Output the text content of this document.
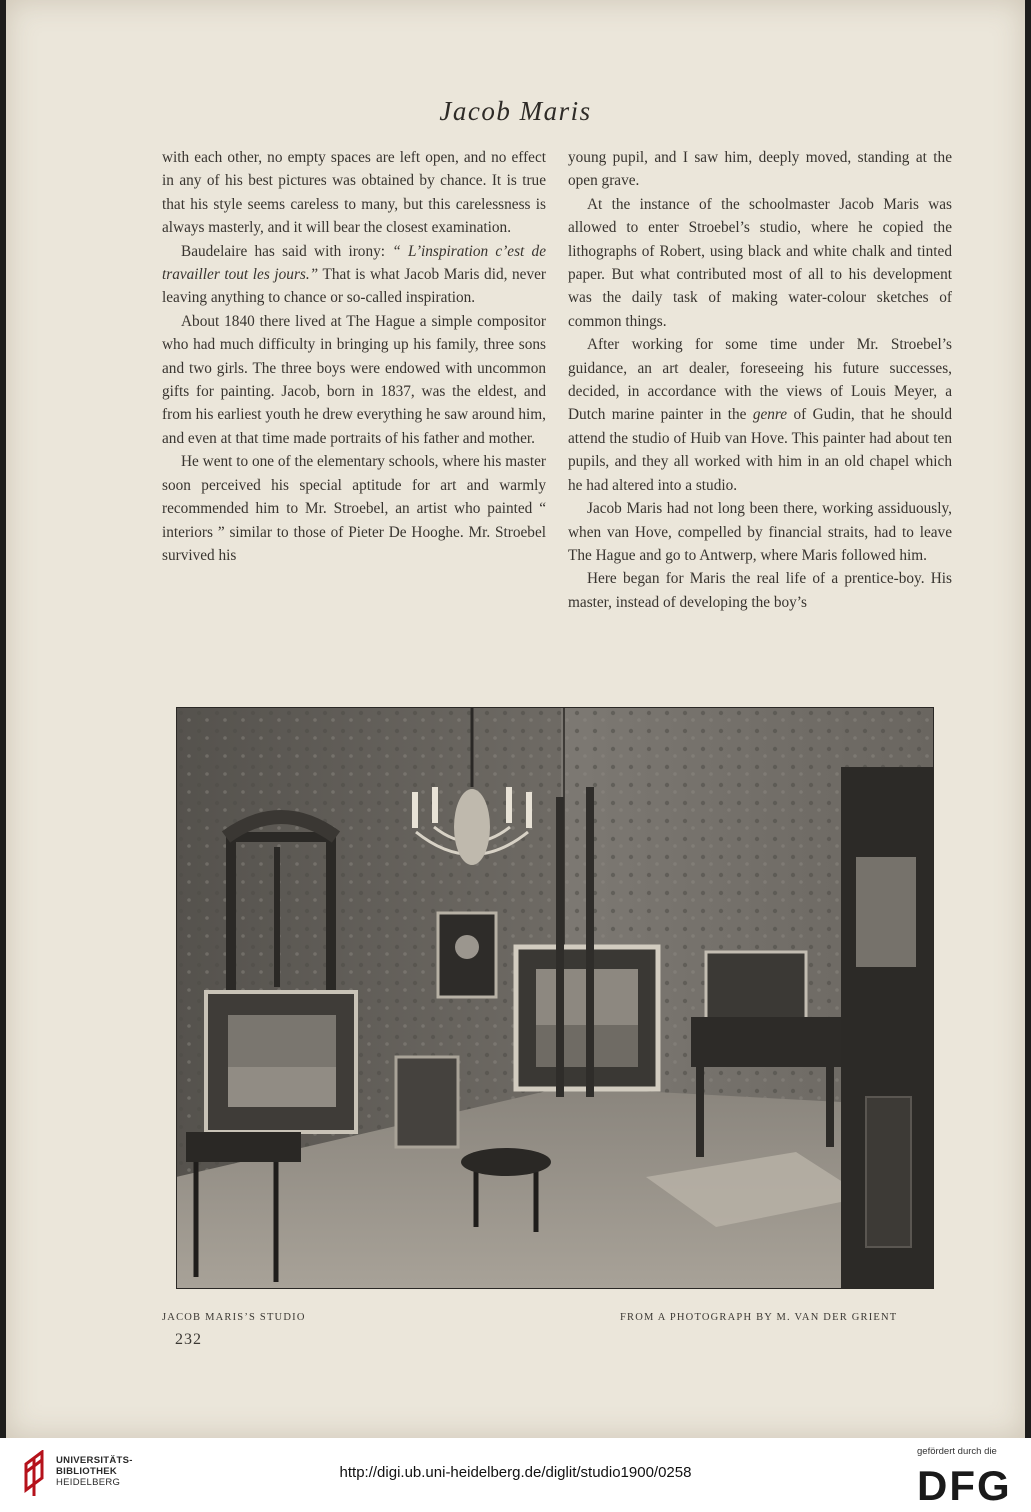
Jacob Maris

with each other, no empty spaces are left open, and no effect in any of his best pictures was obtained by chance. It is true that his style seems careless to many, but this carelessness is always masterly, and it will bear the closest examination.

Baudelaire has said with irony: “ L’inspiration c’est de travailler tout les jours.” That is what Jacob Maris did, never leaving anything to chance or so-called inspiration.

About 1840 there lived at The Hague a simple compositor who had much difficulty in bringing up his family, three sons and two girls. The three boys were endowed with uncommon gifts for painting. Jacob, born in 1837, was the eldest, and from his earliest youth he drew everything he saw around him, and even at that time made portraits of his father and mother.

He went to one of the elementary schools, where his master soon perceived his special aptitude for art and warmly recommended him to Mr. Stroebel, an artist who painted “ interiors ” similar to those of Pieter De Hooghe. Mr. Stroebel survived his

young pupil, and I saw him, deeply moved, standing at the open grave.

At the instance of the schoolmaster Jacob Maris was allowed to enter Stroebel’s studio, where he copied the lithographs of Robert, using black and white chalk and tinted paper. But what contributed most of all to his development was the daily task of making water-colour sketches of common things.

After working for some time under Mr. Stroebel’s guidance, an art dealer, foreseeing his future successes, decided, in accordance with the views of Louis Meyer, a Dutch marine painter in the genre of Gudin, that he should attend the studio of Huib van Hove. This painter had about ten pupils, and they all worked with him in an old chapel which he had altered into a studio.

Jacob Maris had not long been there, working assiduously, when van Hove, compelled by financial straits, had to leave The Hague and go to Antwerp, where Maris followed him.

Here began for Maris the real life of a prentice-boy. His master, instead of developing the boy’s

JACOB MARIS’S STUDIO	FROM A PHOTOGRAPH BY M. VAN DER GRIENT
232
UNIVERSITÄTS-
BIBLIOTHEK
HEIDELBERG
http://digi.ub.uni-heidelberg.de/diglit/studio1900/0258
gefördert durch die
DFG
